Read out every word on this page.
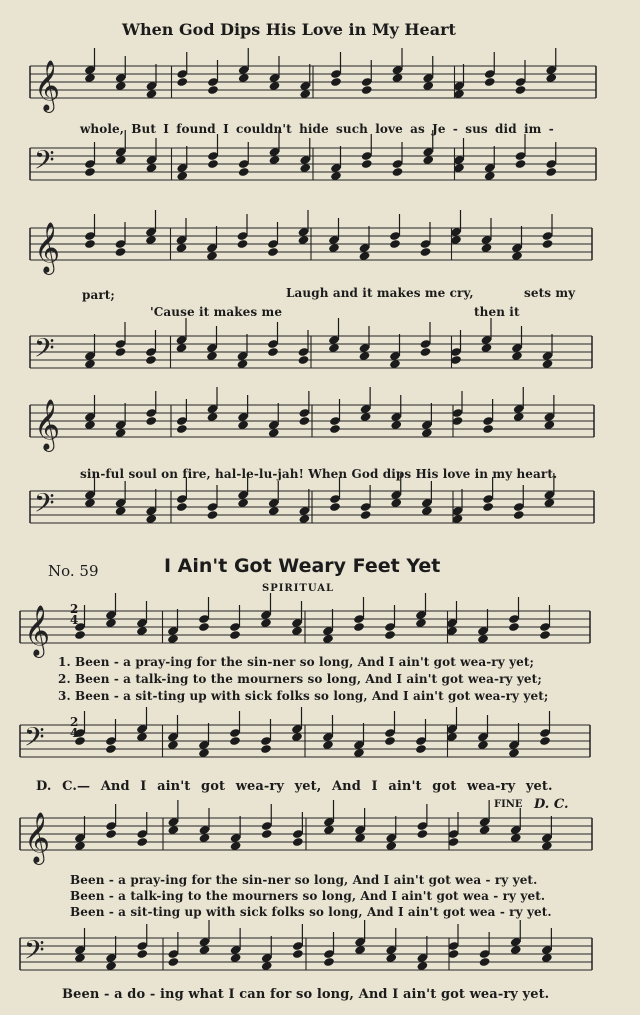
𝄞
𝄢
𝄞
𝄢
𝄞
𝄢
𝄞
𝄢
𝄞
𝄢
When God Dips His Love in My Heart
whole, But I found I couldn't hide such love as Je - sus did im -
part;	Laugh and it makes me cry,	sets my
'Cause it makes me	then it
sin-ful soul on fire, hal-le-lu-jah! When God dips His love in my heart.
No. 59	I Ain't Got Weary Feet Yet
SPIRITUAL
1. Been - a pray-ing for the sin-ner so long, And I ain't got wea-ry yet;
2. Been - a talk-ing to the mourners so long, And I ain't got wea-ry yet;
3. Been - a sit-ting up with sick folks so long, And I ain't got wea-ry yet;
D. C.— And I ain't got wea-ry yet, And I ain't got wea-ry yet.
FINE D. C.
Been - a pray-ing for the sin-ner so long, And I ain't got wea - ry yet.
Been - a talk-ing to the mourners so long, And I ain't got wea - ry yet.
Been - a sit-ting up with sick folks so long, And I ain't got wea - ry yet.
Been - a do - ing what I can for so long, And I ain't got wea-ry yet.
2
4
2
4
